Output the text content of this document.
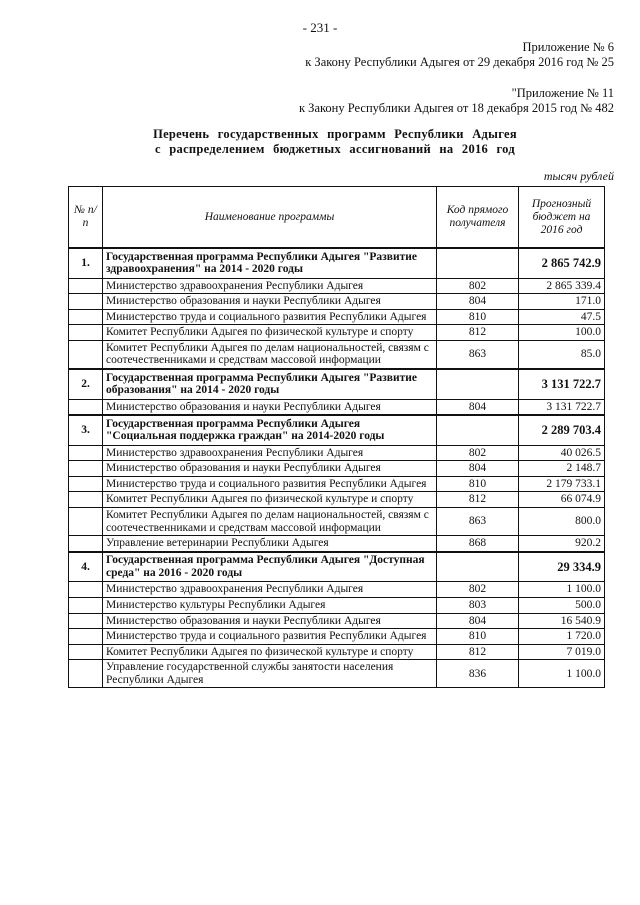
- 231 -
Приложение № 6
к Закону Республики Адыгея от 29 декабря 2016 год № 25
"Приложение № 11
к Закону Республики Адыгея от 18 декабря 2015 год № 482
Перечень государственных программ Республики Адыгея
с распределением бюджетных ассигнований на 2016 год
тысяч рублей
№ п/п	Наименование программы	Код прямого получателя	Прогнозный бюджет на 2016 год
1.	Государственная программа Республики Адыгея "Развитие здравоохранения" на 2014 - 2020 годы		2 865 742.9
	Министерство здравоохранения Республики Адыгея	802	2 865 339.4
	Министерство образования и науки Республики Адыгея	804	171.0
	Министерство труда и социального развития Республики Адыгея	810	47.5
	Комитет Республики Адыгея по физической культуре и спорту	812	100.0
	Комитет Республики Адыгея по делам национальностей, связям с соотечественниками и средствам массовой информации	863	85.0
2.	Государственная программа Республики Адыгея "Развитие образования" на 2014 - 2020 годы		3 131 722.7
	Министерство образования и науки Республики Адыгея	804	3 131 722.7
3.	Государственная программа Республики Адыгея "Социальная поддержка граждан" на 2014-2020 годы		2 289 703.4
	Министерство здравоохранения Республики Адыгея	802	40 026.5
	Министерство образования и науки Республики Адыгея	804	2 148.7
	Министерство труда и социального развития Республики Адыгея	810	2 179 733.1
	Комитет Республики Адыгея по физической культуре и спорту	812	66 074.9
	Комитет Республики Адыгея по делам национальностей, связям с соотечественниками и средствам массовой информации	863	800.0
	Управление ветеринарии Республики Адыгея	868	920.2
4.	Государственная программа Республики Адыгея "Доступная среда" на 2016 - 2020 годы		29 334.9
	Министерство здравоохранения Республики Адыгея	802	1 100.0
	Министерство культуры Республики Адыгея	803	500.0
	Министерство образования и науки Республики Адыгея	804	16 540.9
	Министерство труда и социального развития Республики Адыгея	810	1 720.0
	Комитет Республики Адыгея по физической культуре и спорту	812	7 019.0
	Управление государственной службы занятости населения Республики Адыгея	836	1 100.0
